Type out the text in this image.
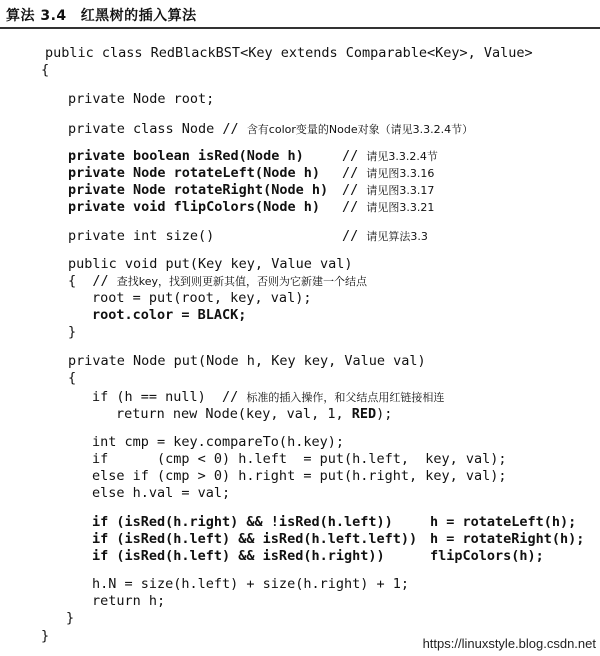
算法 3.4 红黑树的插入算法
public class RedBlackBST<Key extends Comparable<Key>, Value>
{
private Node root;
private class Node // 含有color变量的Node对象（请见3.3.2.4节）
private boolean isRed(Node h)	// 请见3.3.2.4节
private Node rotateLeft(Node h) // 请见图3.3.16
private Node rotateRight(Node h) // 请见图3.3.17
private void flipColors(Node h) // 请见图3.3.21
private int size()	// 请见算法3.3
public void put(Key key, Value val)
{  // 查找key，找到则更新其值，否则为它新建一个结点
root = put(root, key, val);
root.color = BLACK;
}
private Node put(Node h, Key key, Value val)
{
if (h == null)  // 标准的插入操作，和父结点用红链接相连
return new Node(key, val, 1, RED);
int cmp = key.compareTo(h.key);
if      (cmp < 0) h.left  = put(h.left,  key, val);
else if (cmp > 0) h.right = put(h.right, key, val);
else h.val = val;
if (isRed(h.right) && !isRed(h.left))	h = rotateLeft(h);
if (isRed(h.left) && isRed(h.left.left)) h = rotateRight(h);
if (isRed(h.left) && isRed(h.right))	flipColors(h);
h.N = size(h.left) + size(h.right) + 1;
return h;
}
}	https://linuxstyle.blog.csdn.net
